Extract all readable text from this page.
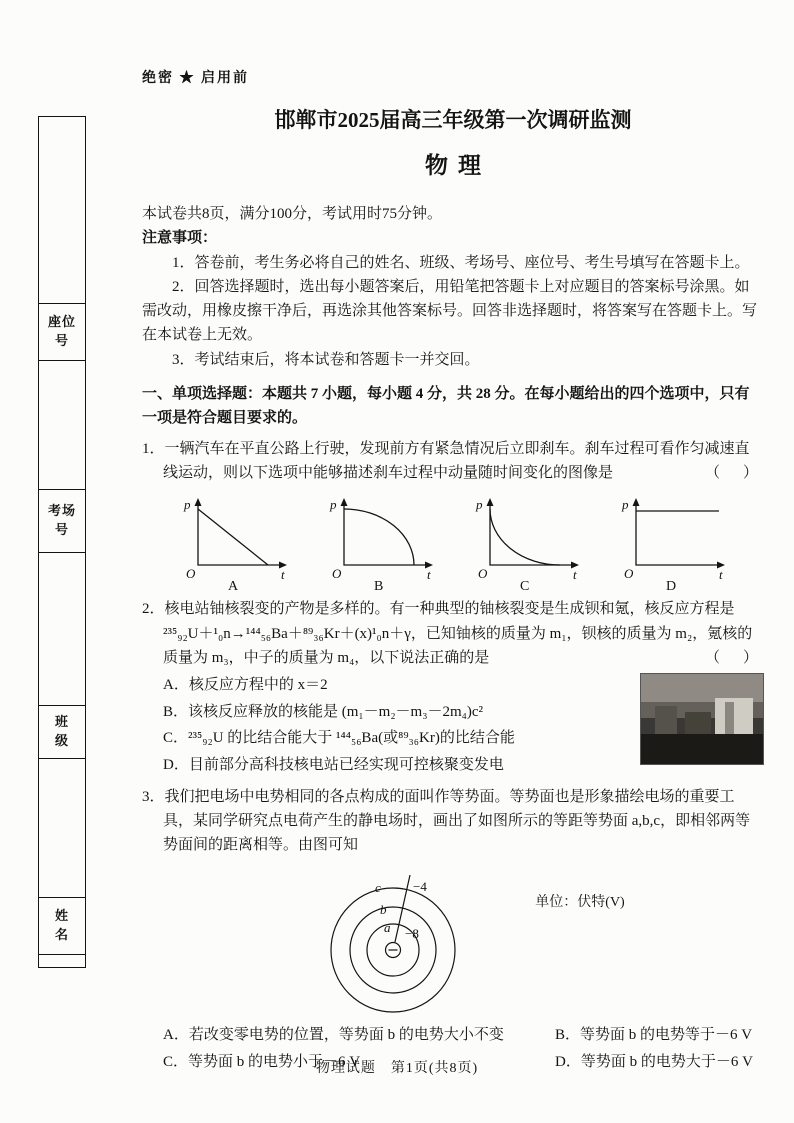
座位
号
考场
号
班
级
姓
名
绝密 ★ 启用前
邯郸市2025届高三年级第一次调研监测
物理

本试卷共8页，满分100分，考试用时75分钟。

注意事项：

1．答卷前，考生务必将自己的姓名、班级、考场号、座位号、考生号填写在答题卡上。

2．回答选择题时，选出每小题答案后，用铅笔把答题卡上对应题目的答案标号涂黑。如需改动，用橡皮擦干净后，再选涂其他答案标号。回答非选择题时，将答案写在答题卡上。写在本试卷上无效。

3．考试结束后，将本试卷和答题卡一并交回。

一、单项选择题：本题共 7 小题，每小题 4 分，共 28 分。在每小题给出的四个选项中，只有一项是符合题目要求的。

1．一辆汽车在平直公路上行驶，发现前方有紧急情况后立即刹车。刹车过程可看作匀减速直线运动，则以下选项中能够描述刹车过程中动量随时间变化的图像是	（　）

p
O	t
A
p
O	t
B
p
O	t
C
p
O	t
D

2．核电站铀核裂变的产物是多样的。有一种典型的铀核裂变是生成钡和氪，核反应方程是 ²³⁵₉₂U＋¹₀n→¹⁴⁴₅₆Ba＋⁸⁹₃₆Kr＋(x)¹₀n＋γ，已知铀核的质量为 m₁，钡核的质量为 m₂，氪核的质量为 m₃，中子的质量为 m₄，以下说法正确的是	（　）

A．核反应方程中的 x＝2
B．该核反应释放的核能是 (m₁－m₂－m₃－2m₄)c²
C．²³⁵₉₂U 的比结合能大于 ¹⁴⁴₅₆Ba(或⁸⁹₃₆Kr)的比结合能
D．目前部分高科技核电站已经实现可控核聚变发电

3．我们把电场中电势相同的各点构成的面叫作等势面。等势面也是形象描绘电场的重要工具，某同学研究点电荷产生的静电场时，画出了如图所示的等距等势面 a,b,c，即相邻两等势面间的距离相等。由图可知

c −4
b
a −8
单位：伏特(V)
A．若改变零电势的位置，等势面 b 的电势大小不变	B．等势面 b 的电势等于－6 V
C．等势面 b 的电势小于－6 V	D．等势面 b 的电势大于－6 V
物理试题　第1页(共8页)
